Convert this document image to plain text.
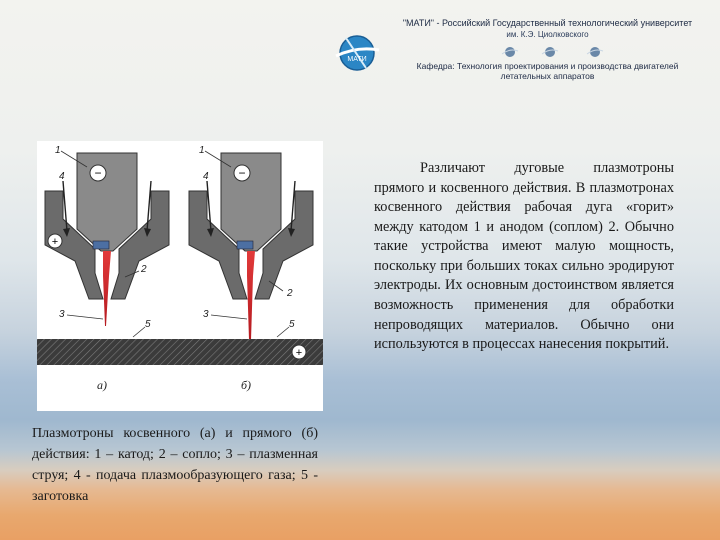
МАТИ
"МАТИ" - Российский Государственный технологический университет
им. К.Э. Циолковского
Кафедра: Технология проектирования и производства двигателей
летательных аппаратов
−
+
1
4
2
3
5
а)
−
+
1
4
2
3
5
б)
Плазмотроны косвенного (а) и прямого (б) действия: 1 – катод; 2 – сопло; 3 – плазменная струя; 4 - подача плазмообразующего газа; 5 - заготовка
Различают дуговые плазмотроны прямого и косвенного действия. В плазмотронах косвенного действия рабочая дуга «горит» между катодом 1 и анодом (соплом) 2. Обычно такие устройства имеют малую мощность, поскольку при больших токах сильно эродируют электроды. Их основным достоинством является возможность применения для обработки непроводящих материалов. Обычно они используются в процессах нанесения покрытий.
